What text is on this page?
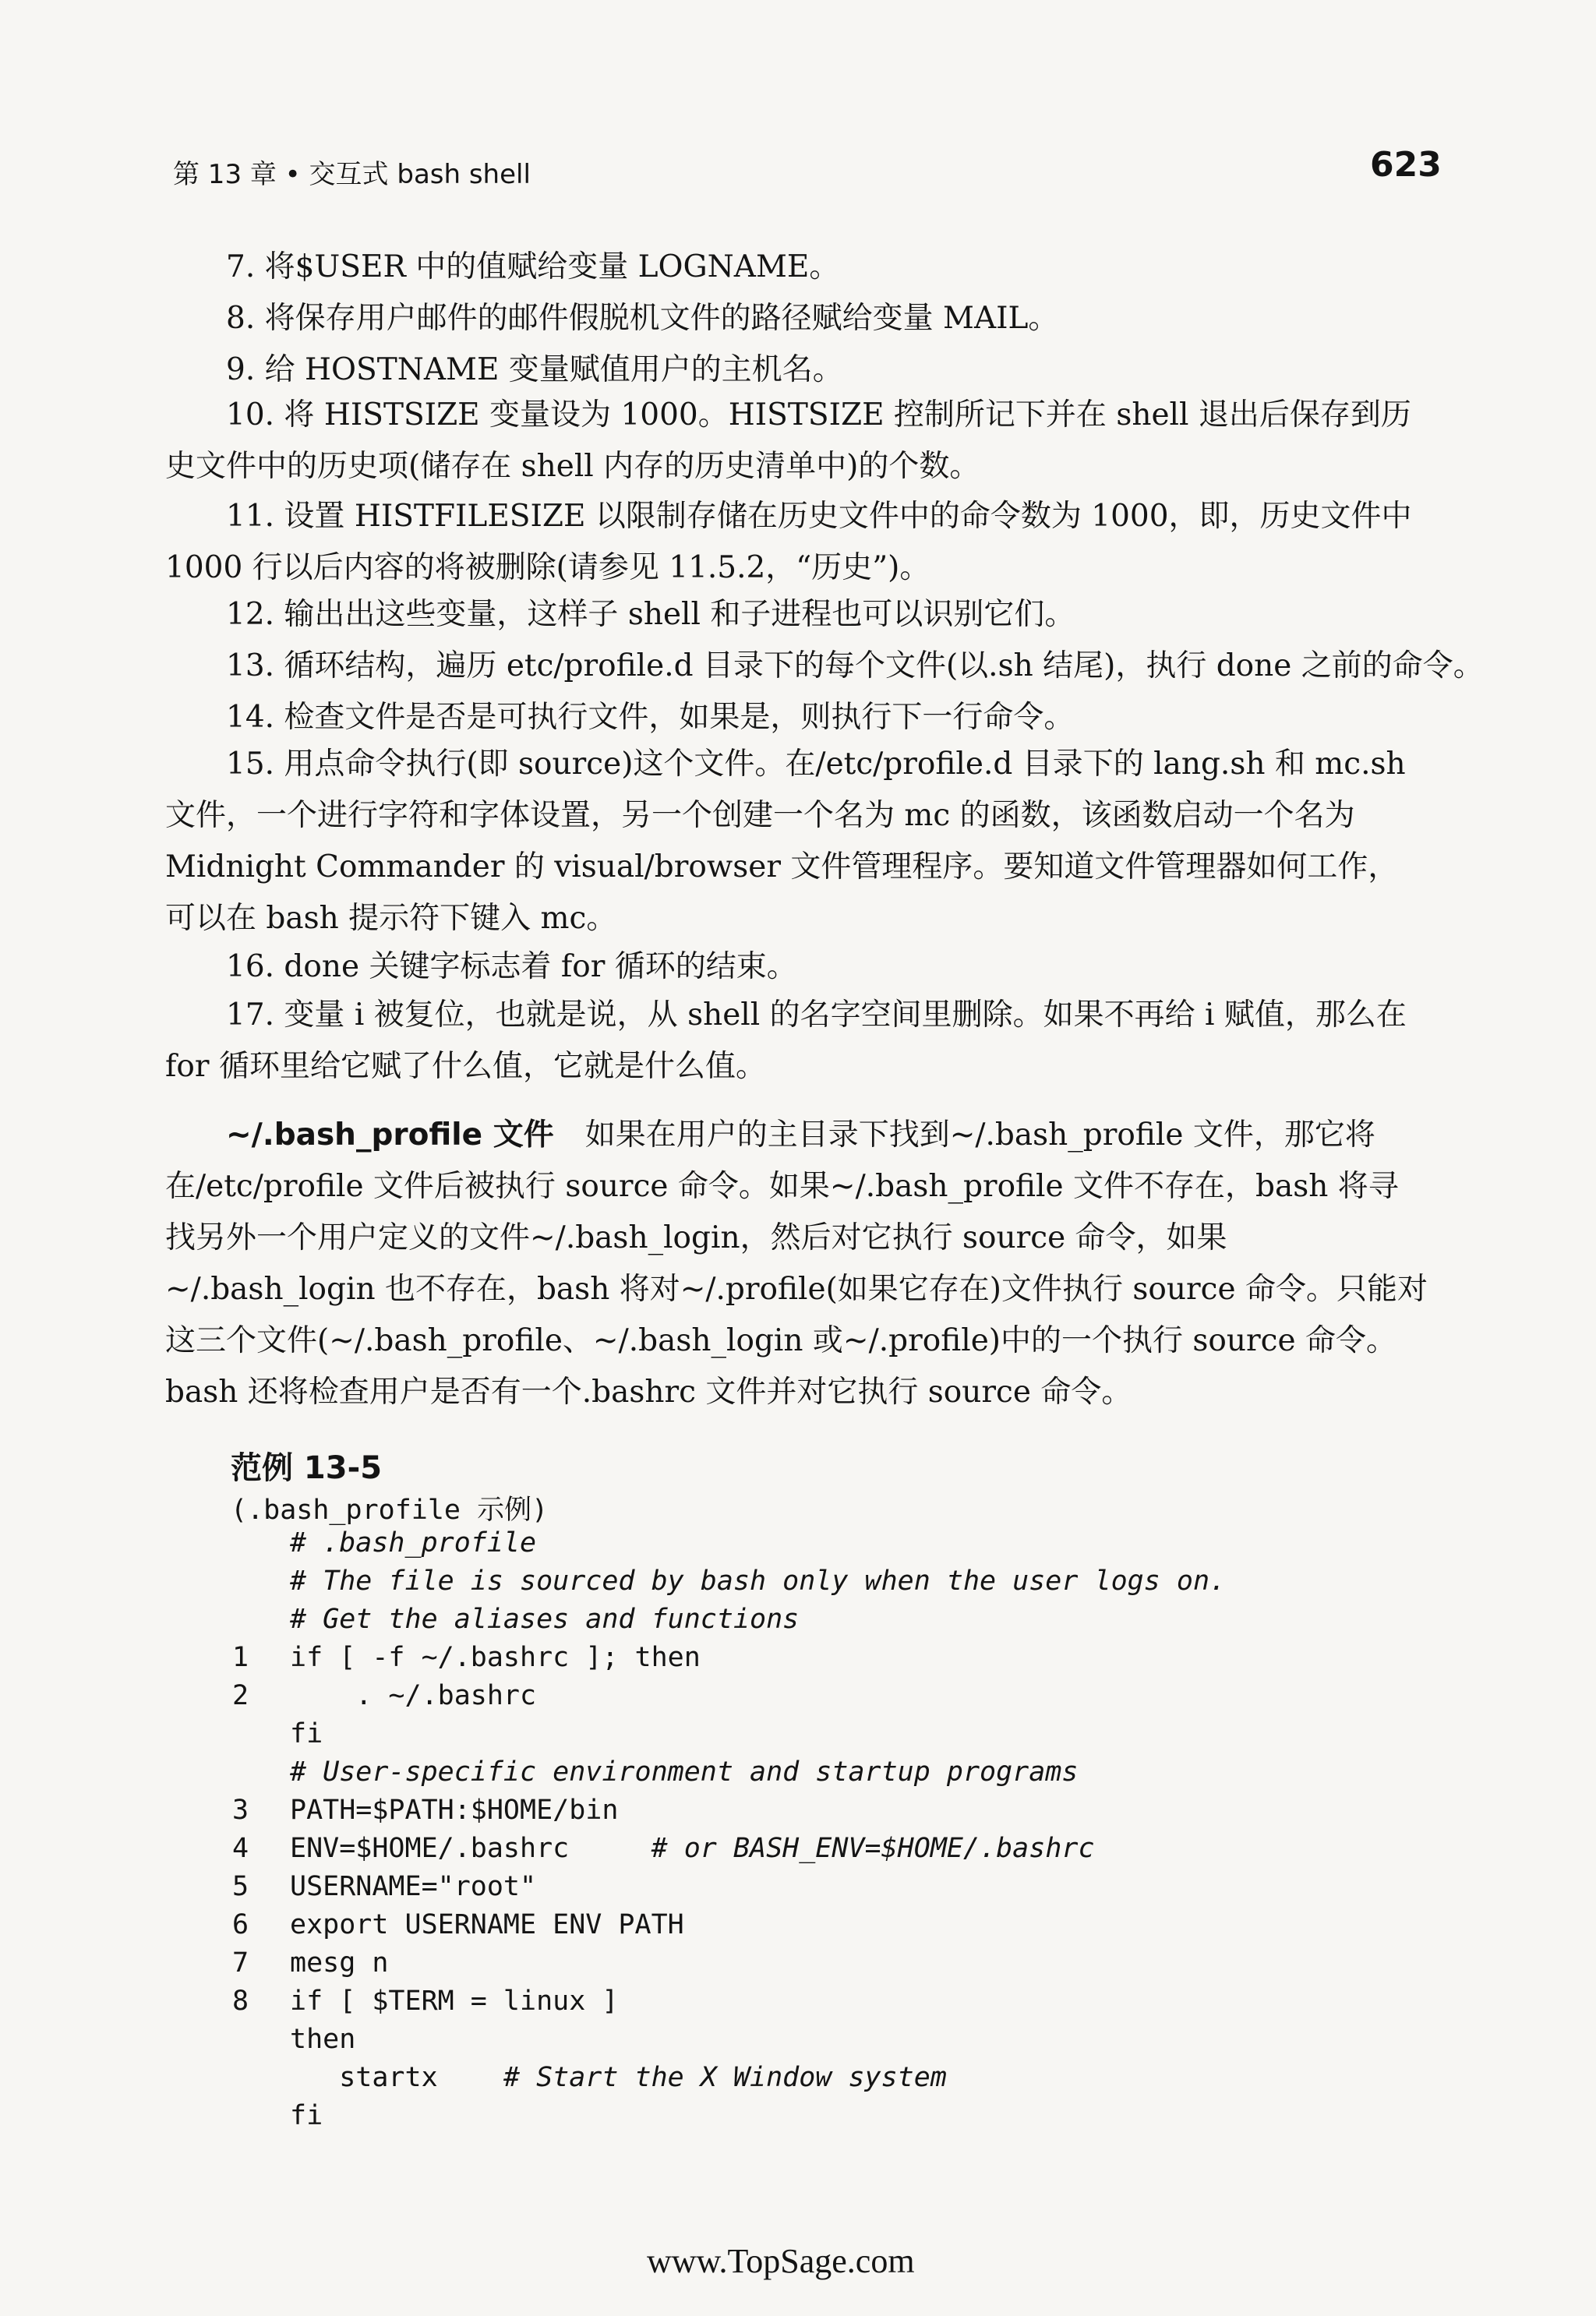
第 13 章 • 交互式 bash shell	623
7. 将$USER 中的值赋给变量 LOGNAME。
8. 将保存用户邮件的邮件假脱机文件的路径赋给变量 MAIL。
9. 给 HOSTNAME 变量赋值用户的主机名。
10. 将 HISTSIZE 变量设为 1000。HISTSIZE 控制所记下并在 shell 退出后保存到历史文件中的历史项(储存在 shell 内存的历史清单中)的个数。
11. 设置 HISTFILESIZE 以限制存储在历史文件中的命令数为 1000，即，历史文件中 1000 行以后内容的将被删除(请参见 11.5.2，“历史”)。
12. 输出出这些变量，这样子 shell 和子进程也可以识别它们。
13. 循环结构，遍历 etc/profile.d 目录下的每个文件(以.sh 结尾)，执行 done 之前的命令。
14. 检查文件是否是可执行文件，如果是，则执行下一行命令。
15. 用点命令执行(即 source)这个文件。在/etc/profile.d 目录下的 lang.sh 和 mc.sh 文件，一个进行字符和字体设置，另一个创建一个名为 mc 的函数，该函数启动一个名为 Midnight Commander 的 visual/browser 文件管理程序。要知道文件管理器如何工作，可以在 bash 提示符下键入 mc。
16. done 关键字标志着 for 循环的结束。
17. 变量 i 被复位，也就是说，从 shell 的名字空间里删除。如果不再给 i 赋值，那么在 for 循环里给它赋了什么值，它就是什么值。
~/.bash_profile 文件 如果在用户的主目录下找到~/.bash_profile 文件，那它将在/etc/profile 文件后被执行 source 命令。如果~/.bash_profile 文件不存在，bash 将寻找另外一个用户定义的文件~/.bash_login，然后对它执行 source 命令，如果~/.bash_login 也不存在，bash 将对~/.profile(如果它存在)文件执行 source 命令。只能对这三个文件(~/.bash_profile、~/.bash_login 或~/.profile)中的一个执行 source 命令。bash 还将检查用户是否有一个.bashrc 文件并对它执行 source 命令。
范例 13-5
(.bash_profile 示例)
# .bash_profile
# The file is sourced by bash only when the user logs on.
# Get the aliases and functions
1 if [ -f ~/.bashrc ]; then
2 . ~/.bashrc
fi
# User-specific environment and startup programs
3 PATH=$PATH:$HOME/bin
4 ENV=$HOME/.bashrc     # or BASH_ENV=$HOME/.bashrc
5 USERNAME="root"
6 export USERNAME ENV PATH
7 mesg n
8 if [ $TERM = linux ]
then
startx    # Start the X Window system
fi
www.TopSage.com
